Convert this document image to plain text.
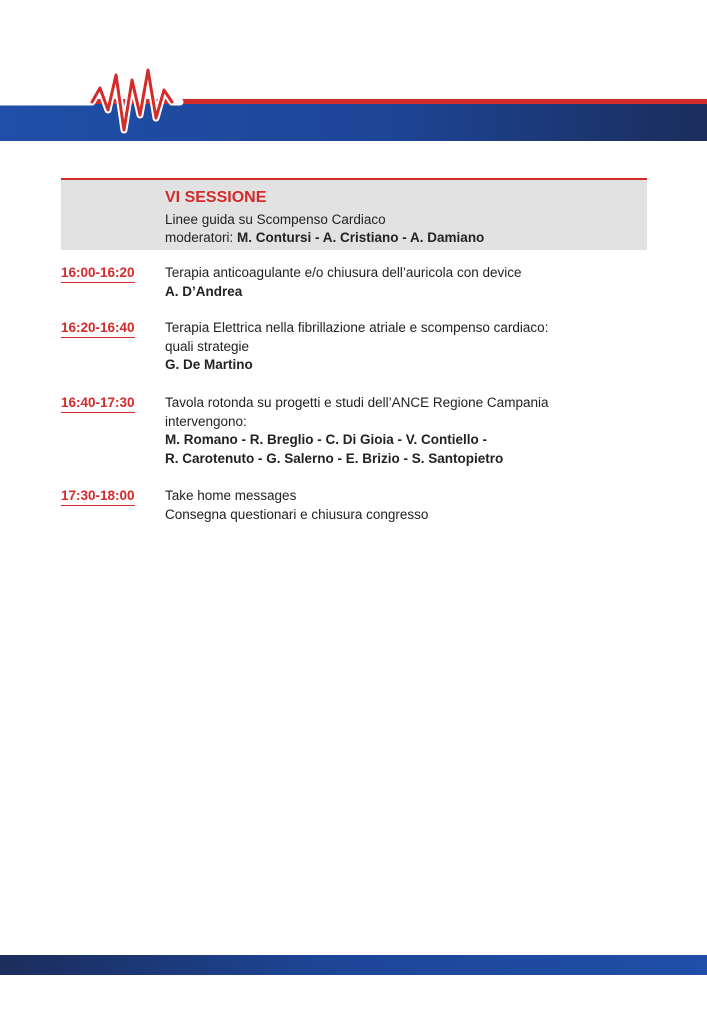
VI SESSIONE
Linee guida su Scompenso Cardiaco
moderatori: M. Contursi - A. Cristiano - A. Damiano
16:00-16:20 Terapia anticoagulante e/o chiusura dell’auricola con device
A. D’Andrea
16:20-16:40 Terapia Elettrica nella fibrillazione atriale e scompenso cardiaco:
quali strategie
G. De Martino
16:40-17:30 Tavola rotonda su progetti e studi dell’ANCE Regione Campania
intervengono:
M. Romano - R. Breglio - C. Di Gioia - V. Contiello -
R. Carotenuto - G. Salerno - E. Brizio - S. Santopietro
17:30-18:00 Take home messages
Consegna questionari e chiusura congresso
